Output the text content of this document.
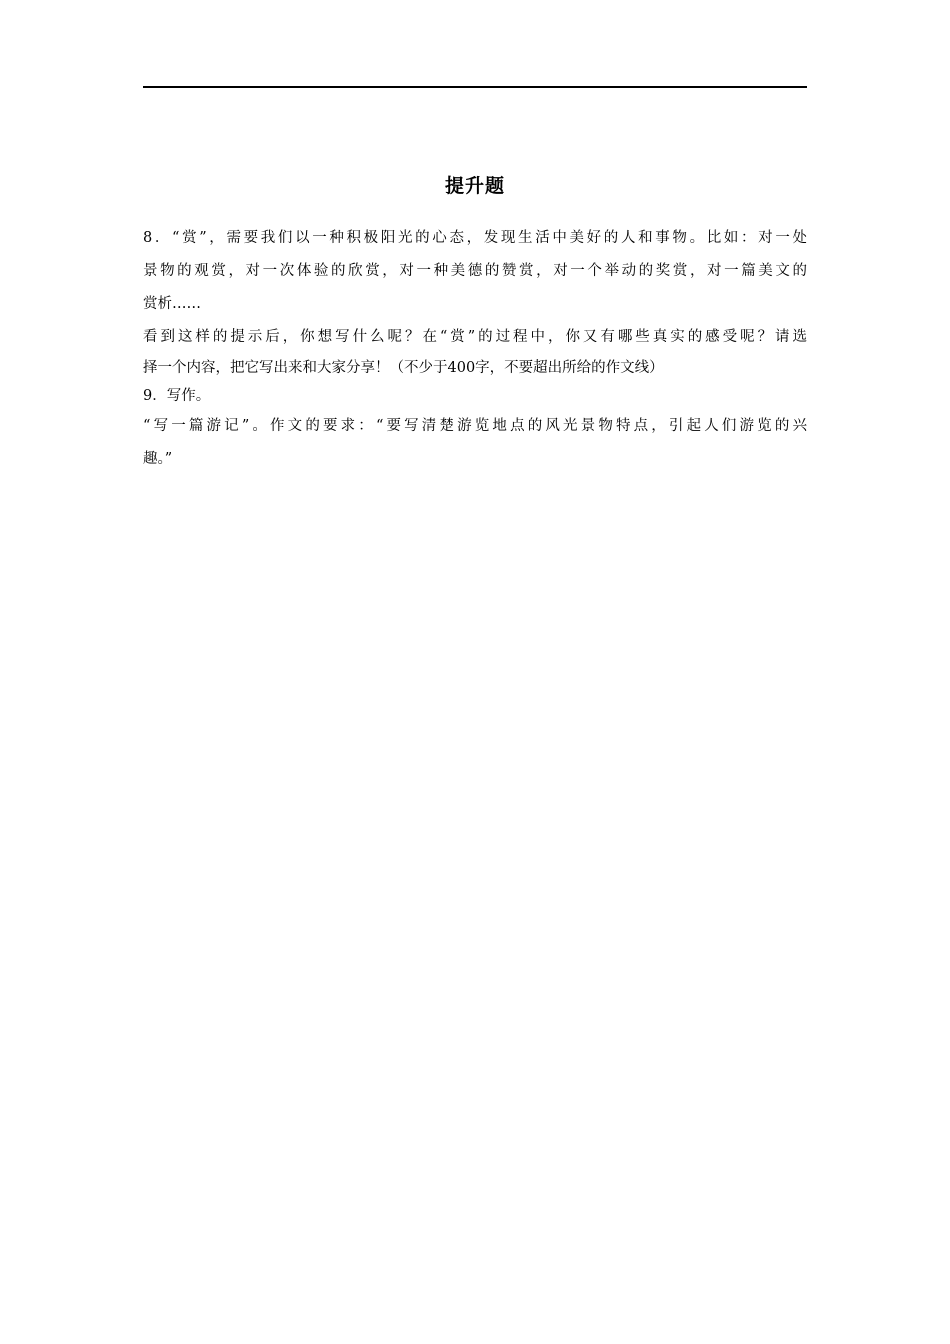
提升题
8．“赏”，需要我们以一种积极阳光的心态，发现生活中美好的人和事物。比如：对一处
景物的观赏，对一次体验的欣赏，对一种美德的赞赏，对一个举动的奖赏，对一篇美文的
赏析……
看到这样的提示后，你想写什么呢？在“赏”的过程中，你又有哪些真实的感受呢？请选
择一个内容，把它写出来和大家分享！（不少于400字，不要超出所给的作文线）
9．写作。
“写一篇游记”。作文的要求：“要写清楚游览地点的风光景物特点，引起人们游览的兴
趣。”
